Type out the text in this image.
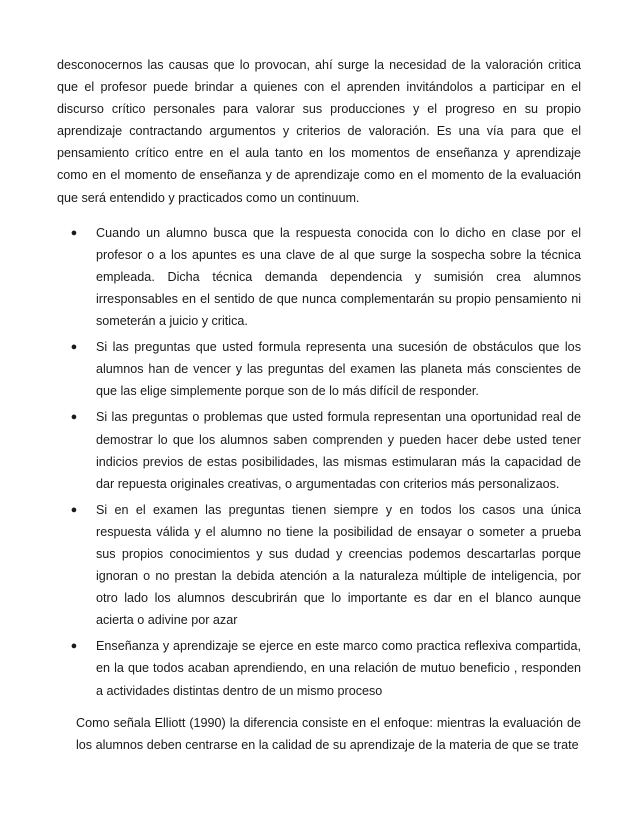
desconocernos las causas que lo provocan, ahí surge la necesidad de la valoración critica que el profesor puede brindar a quienes con el aprenden invitándolos a participar en el discurso crítico personales para valorar sus producciones y el progreso en su propio aprendizaje contractando argumentos y criterios de valoración. Es una vía para que el pensamiento crítico entre en el aula tanto en los momentos de enseñanza y aprendizaje como en el momento de enseñanza y de aprendizaje como en el momento de la evaluación que será entendido y practicados como un continuum.

● Cuando un alumno busca que la respuesta conocida con lo dicho en clase por el profesor o a los apuntes es una clave de al que surge la sospecha sobre la técnica empleada. Dicha técnica demanda dependencia y sumisión crea alumnos irresponsables en el sentido de que nunca complementarán su propio pensamiento ni someterán a juicio y critica.
● Si las preguntas que usted formula representa una sucesión de obstáculos que los alumnos han de vencer y las preguntas del examen las planeta más conscientes de que las elige simplemente porque son de lo más difícil de responder.
● Si las preguntas o problemas que usted formula representan una oportunidad real de demostrar lo que los alumnos saben comprenden y pueden hacer debe usted tener indicios previos de estas posibilidades, las mismas estimularan más la capacidad de dar repuesta originales creativas, o argumentadas con criterios más personalizaos.
● Si en el examen las preguntas tienen siempre y en todos los casos una única respuesta válida y el alumno no tiene la posibilidad de ensayar o someter a prueba sus propios conocimientos y sus dudad y creencias podemos descartarlas porque ignoran o no prestan la debida atención a la naturaleza múltiple de inteligencia, por otro lado los alumnos descubrirán que lo importante es dar en el blanco aunque acierta o adivine por azar
● Enseñanza y aprendizaje se ejerce en este marco como practica reflexiva compartida, en la que todos acaban aprendiendo, en una relación de mutuo beneficio , responden a actividades distintas dentro de un mismo proceso

Como señala Elliott (1990) la diferencia consiste en el enfoque: mientras la evaluación de los alumnos deben centrarse en la calidad de su aprendizaje de la materia de que se trate
